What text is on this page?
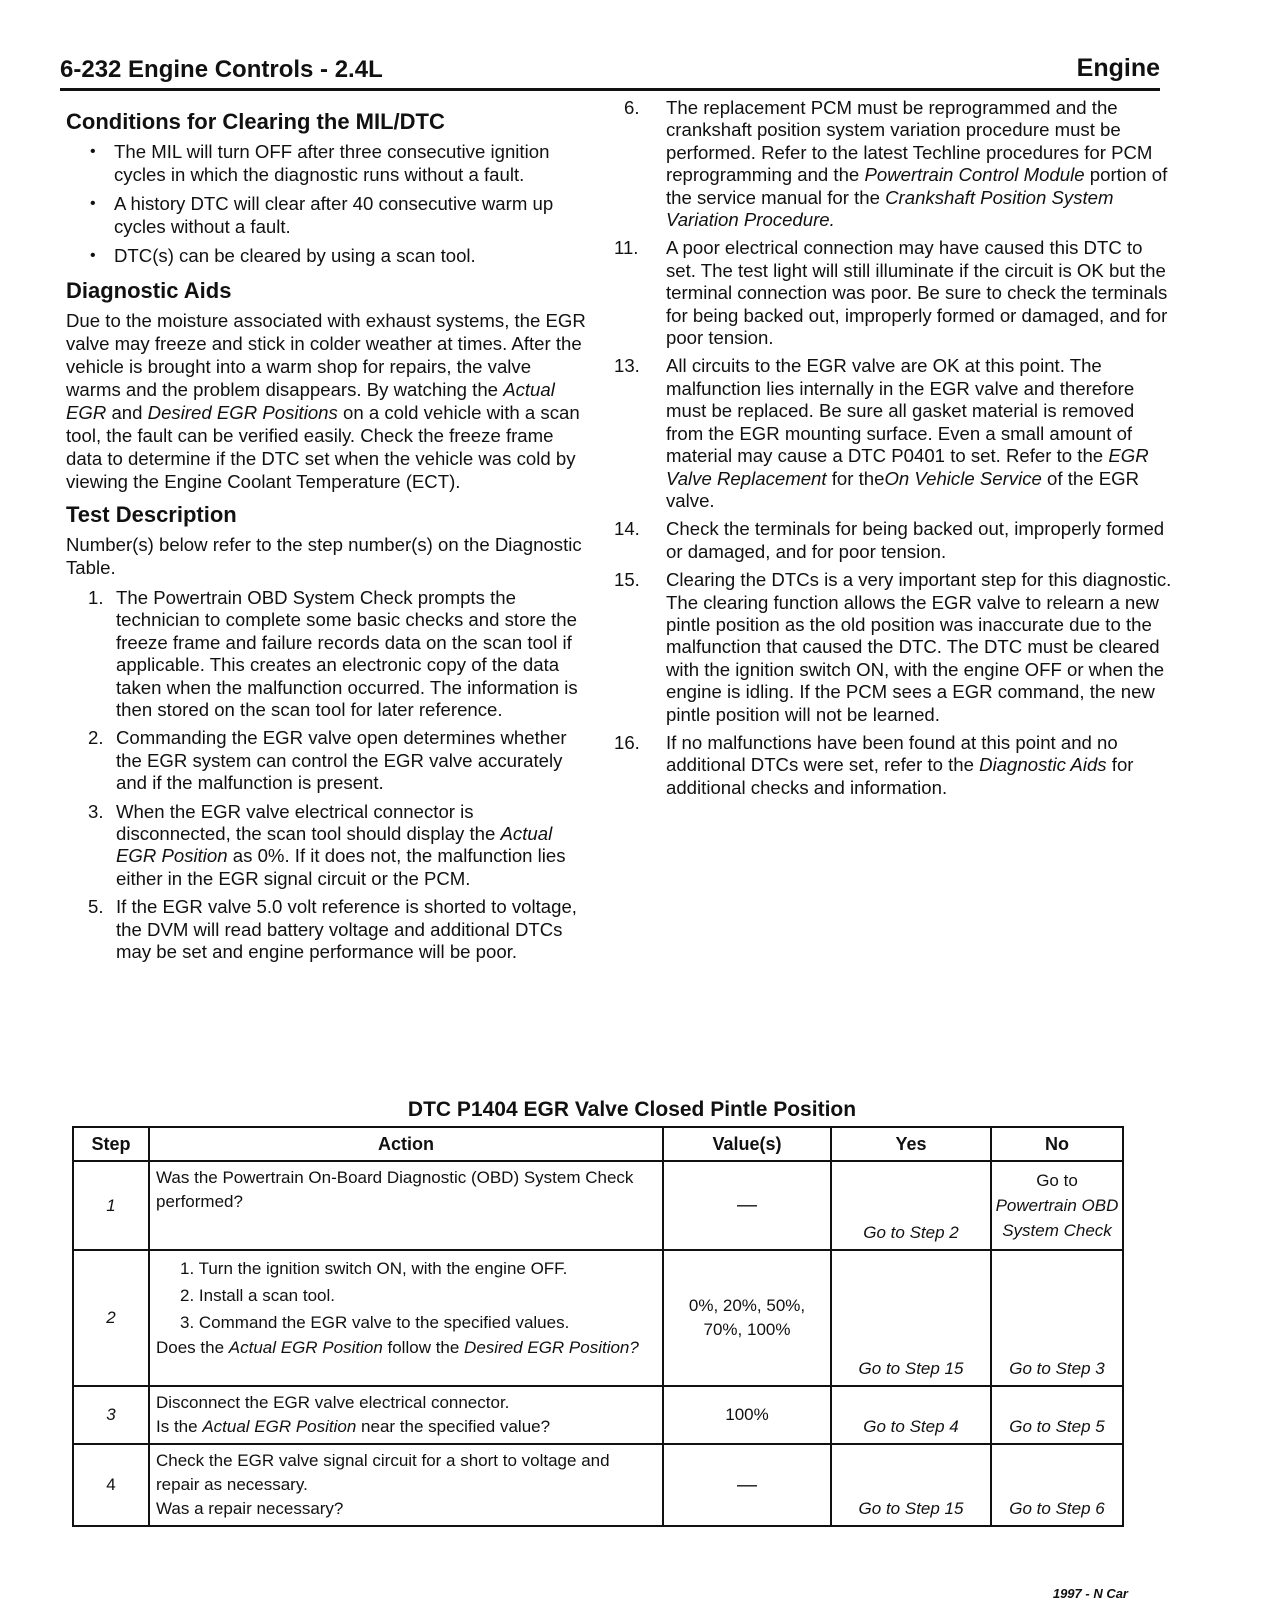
6-232 Engine Controls - 2.4L	Engine
Conditions for Clearing the MIL/DTC
• The MIL will turn OFF after three consecutive ignition cycles in which the diagnostic runs without a fault.
• A history DTC will clear after 40 consecutive warm up cycles without a fault.
• DTC(s) can be cleared by using a scan tool.
Diagnostic Aids

Due to the moisture associated with exhaust systems, the EGR valve may freeze and stick in colder weather at times. After the vehicle is brought into a warm shop for repairs, the valve warms and the problem disappears. By watching the Actual EGR and Desired EGR Positions on a cold vehicle with a scan tool, the fault can be verified easily. Check the freeze frame data to determine if the DTC set when the vehicle was cold by viewing the Engine Coolant Temperature (ECT).

Test Description

Number(s) below refer to the step number(s) on the Diagnostic Table.

1. The Powertrain OBD System Check prompts the technician to complete some basic checks and store the freeze frame and failure records data on the scan tool if applicable. This creates an electronic copy of the data taken when the malfunction occurred. The information is then stored on the scan tool for later reference.
2. Commanding the EGR valve open determines whether the EGR system can control the EGR valve accurately and if the malfunction is present.
3. When the EGR valve electrical connector is disconnected, the scan tool should display the Actual EGR Position as 0%. If it does not, the malfunction lies either in the EGR signal circuit or the PCM.
5. If the EGR valve 5.0 volt reference is shorted to voltage, the DVM will read battery voltage and additional DTCs may be set and engine performance will be poor.
6. The replacement PCM must be reprogrammed and the crankshaft position system variation procedure must be performed. Refer to the latest Techline procedures for PCM reprogramming and the Powertrain Control Module portion of the service manual for the Crankshaft Position System Variation Procedure.
11. A poor electrical connection may have caused this DTC to set. The test light will still illuminate if the circuit is OK but the terminal connection was poor. Be sure to check the terminals for being backed out, improperly formed or damaged, and for poor tension.
13. All circuits to the EGR valve are OK at this point. The malfunction lies internally in the EGR valve and therefore must be replaced. Be sure all gasket material is removed from the EGR mounting surface. Even a small amount of material may cause a DTC P0401 to set. Refer to the EGR Valve Replacement for theOn Vehicle Service of the EGR valve.
14. Check the terminals for being backed out, improperly formed or damaged, and for poor tension.
15. Clearing the DTCs is a very important step for this diagnostic. The clearing function allows the EGR valve to relearn a new pintle position as the old position was inaccurate due to the malfunction that caused the DTC. The DTC must be cleared with the ignition switch ON, with the engine OFF or when the engine is idling. If the PCM sees a EGR command, the new pintle position will not be learned.
16. If no malfunctions have been found at this point and no additional DTCs were set, refer to the Diagnostic Aids for additional checks and information.
DTC P1404 EGR Valve Closed Pintle Position
Step	Action	Value(s)	Yes	No
1	Was the Powertrain On-Board Diagnostic (OBD) System Check performed?	—	Go to Step 2	Go to
Powertrain OBD System Check

2	1. Turn the ignition switch ON, with the engine OFF.
2. Install a scan tool.
3. Command the EGR valve to the specified values.
Does the Actual EGR Position follow the Desired EGR Position?	0%, 20%, 50%, 70%, 100%	Go to Step 15	Go to Step 3
3	Disconnect the EGR valve electrical connector.
Is the Actual EGR Position near the specified value?	100%	Go to Step 4	Go to Step 5
4	Check the EGR valve signal circuit for a short to voltage and repair as necessary.
Was a repair necessary?	—	Go to Step 15	Go to Step 6
1997 - N Car
